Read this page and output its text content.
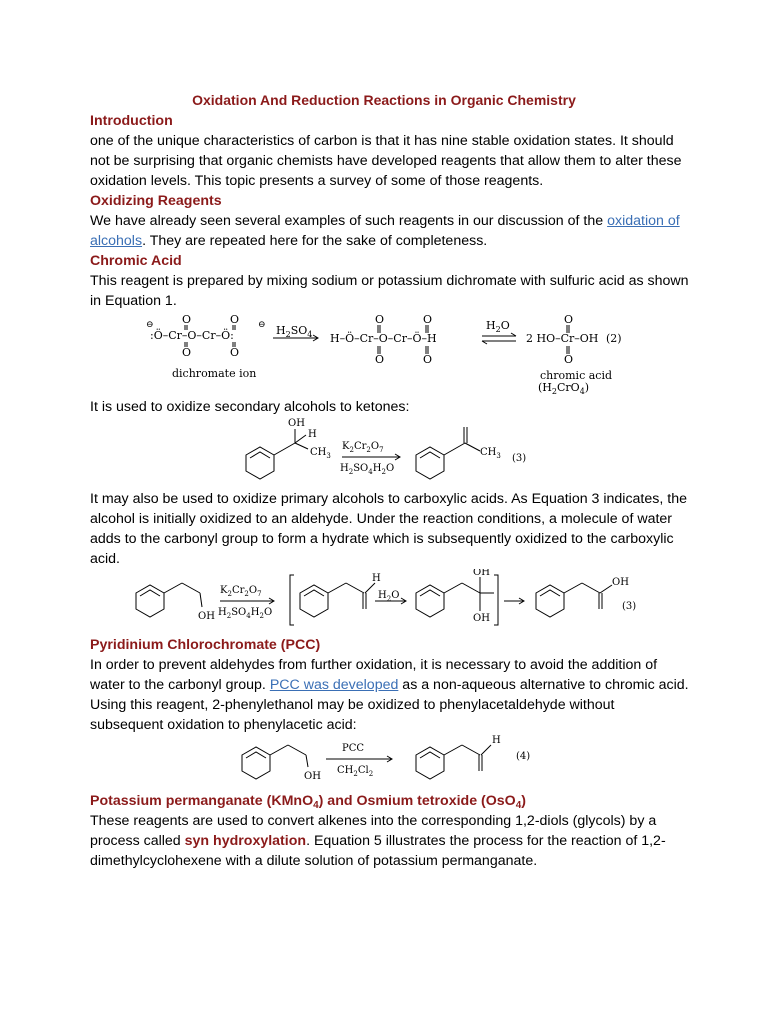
Oxidation And Reduction Reactions in Organic Chemistry
Introduction

one of the unique characteristics of carbon is that it has nine stable oxidation states. It should not be surprising that organic chemists have developed reagents that allow them to alter these oxidation levels. This topic presents a survey of some of those reagents.

Oxidizing Reagents

We have already seen several examples of such reagents in our discussion of the oxidation of alcohols. They are repeated here for the sake of completeness.

Chromic Acid

This reagent is prepared by mixing sodium or potassium dichromate with sulfuric acid as shown in Equation 1.

:Ö–Cr–O–Cr–Ö:
O	O
O	O
⊖	⊖
dichromate ion
$H_2SO_4$ H–Ö–Cr–O–Cr–Ö–H
O	O
O	O
$H_2O$
2 HO–Cr–OH
O
O
(2)
chromic acid
$(H_2CrO_4)$

It is used to oxidize secondary alcohols to ketones:

OH
H
$CH_3$
$K_2Cr_2O_7$
$H_2SO_4H_2O$
$CH_3$ (3)

It may also be used to oxidize primary alcohols to carboxylic acids. As Equation 3 indicates, the alcohol is initially oxidized to an aldehyde. Under the reaction conditions, a molecule of water adds to the carbonyl group to form a hydrate which is subsequently oxidized to the carboxylic acid.

OH
$K_2Cr_2O_7$
$H_2SO_4H_2O$
H
$H_2O$
OH
OH
OH
(3)
Pyridinium Chlorochromate (PCC)

In order to prevent aldehydes from further oxidation, it is necessary to avoid the addition of water to the carbonyl group. PCC was developed as a non-aqueous alternative to chromic acid. Using this reagent, 2-phenylethanol may be oxidized to phenylacetaldehyde without subsequent oxidation to phenylacetic acid:

OH
PCC
$CH_2Cl_2$
H
(4)
Potassium permanganate (KMnO$_4$) and Osmium tetroxide (OsO$_4$)

These reagents are used to convert alkenes into the corresponding 1,2-diols (glycols) by a process called syn hydroxylation. Equation 5 illustrates the process for the reaction of 1,2-dimethylcyclohexene with a dilute solution of potassium permanganate.
